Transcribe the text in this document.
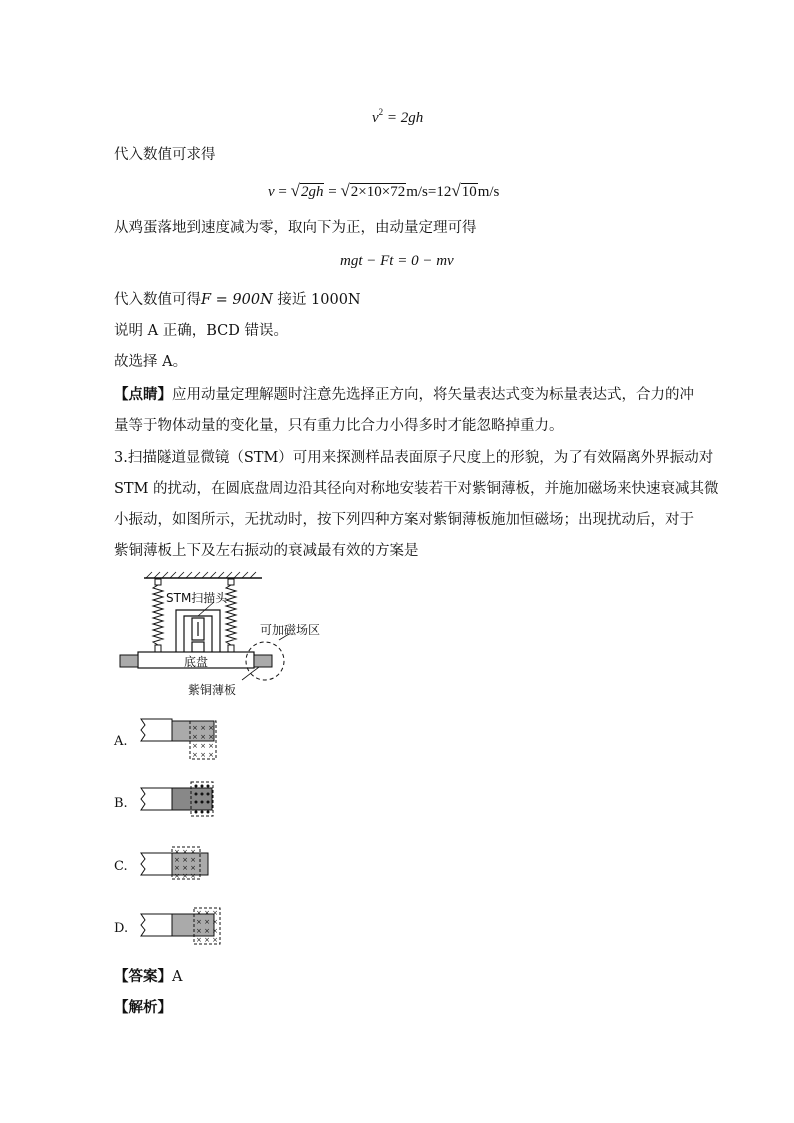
$v^2 = 2gh$
代入数值可求得
v = √2gh = √2×10×72m/s=12√10m/s
从鸡蛋落地到速度减为零，取向下为正，由动量定理可得
mgt − Ft = 0 − mv
代入数值可得F = 900N 接近 1000N
说明 A 正确，BCD 错误。
故选择 A。
【点睛】应用动量定理解题时注意先选择正方向，将矢量表达式变为标量表达式，合力的冲
量等于物体动量的变化量，只有重力比合力小得多时才能忽略掉重力。
3.扫描隧道显微镜（STM）可用来探测样品表面原子尺度上的形貌，为了有效隔离外界振动对
STM 的扰动，在圆底盘周边沿其径向对称地安装若干对紫铜薄板，并施加磁场来快速衰减其微
小振动，如图所示，无扰动时，按下列四种方案对紫铜薄板施加恒磁场；出现扰动后，对于
紫铜薄板上下及左右振动的衰减最有效的方案是
STM扫描头
底盘
可加磁场区
紫铜薄板
A.
× × ×
× × ×
× × ×
× × ×
B.
C.
× × ×
× × ×
× × ×
× × ×
D.
× × ×
× × ×
× × ×
× × ×
【答案】A
【解析】
